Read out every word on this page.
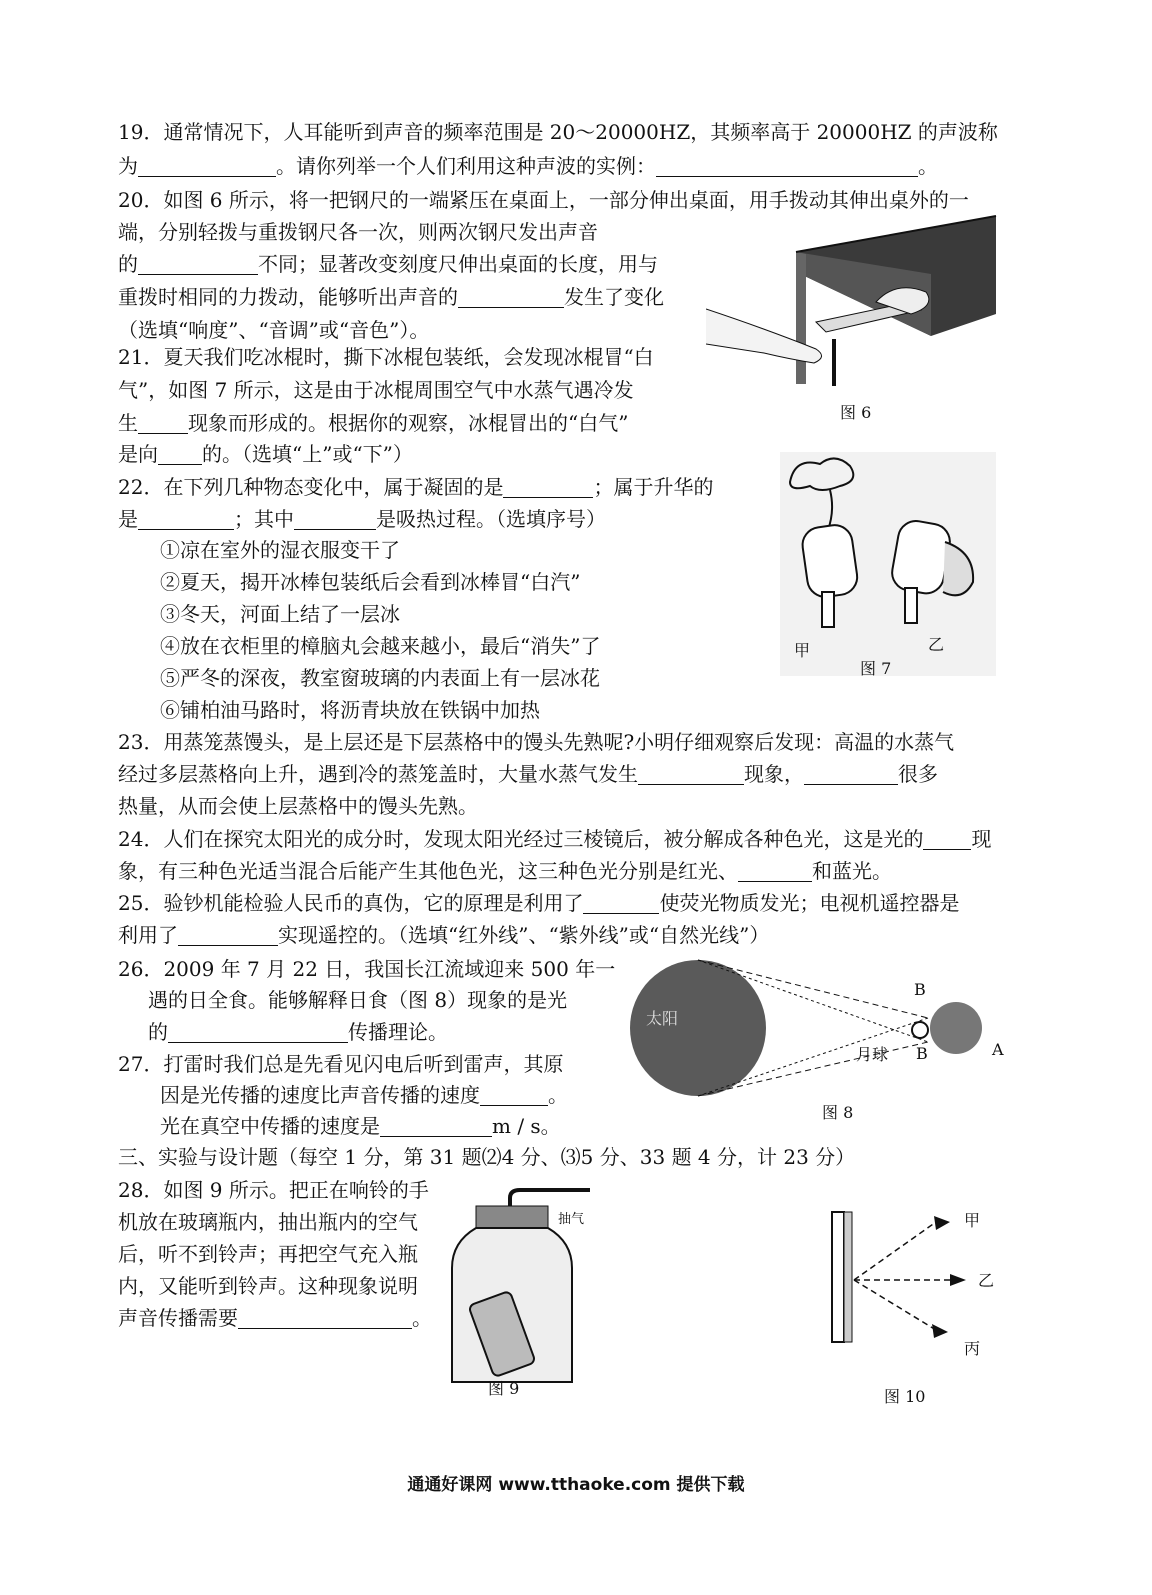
19．通常情况下，人耳能听到声音的频率范围是 20～20000HZ，其频率高于 20000HZ 的声波称
为	。请你列举一个人们利用这种声波的实例：	。
20．如图 6 所示，将一把钢尺的一端紧压在桌面上，一部分伸出桌面，用手拨动其伸出桌外的一
端，分别轻拨与重拨钢尺各一次，则两次钢尺发出声音
的	不同；显著改变刻度尺伸出桌面的长度，用与
重拨时相同的力拨动，能够听出声音的	发生了变化
（选填“响度”、“音调”或“音色”）。
图 6
21．夏天我们吃冰棍时，撕下冰棍包装纸，会发现冰棍冒“白
气”，如图 7 所示，这是由于冰棍周围空气中水蒸气遇冷发
生	现象而形成的。根据你的观察，冰棍冒出的“白气”
是向 的。（选填“上”或“下”）
22．在下列几种物态变化中，属于凝固的是	；属于升华的
是	；其中	是吸热过程。（选填序号）
①凉在室外的湿衣服变干了
②夏天，揭开冰棒包装纸后会看到冰棒冒“白汽”
③冬天，河面上结了一层冰
④放在衣柜里的樟脑丸会越来越小，最后“消失”了
⑤严冬的深夜，教室窗玻璃的内表面上有一层冰花
⑥铺柏油马路时，将沥青块放在铁锅中加热
甲	乙
图 7
23．用蒸笼蒸馒头，是上层还是下层蒸格中的馒头先熟呢?小明仔细观察后发现：高温的水蒸气
经过多层蒸格向上升，遇到冷的蒸笼盖时，大量水蒸气发生	现象，	很多
热量，从而会使上层蒸格中的馒头先熟。
24．人们在探究太阳光的成分时，发现太阳光经过三棱镜后，被分解成各种色光，这是光的 现
象，有三种色光适当混合后能产生其他色光，这三种色光分别是红光、	和蓝光。
25．验钞机能检验人民币的真伪，它的原理是利用了	使荧光物质发光；电视机遥控器是
利用了	实现遥控的。（选填“红外线”、“紫外线”或“自然光线”）
26．2009 年 7 月 22 日，我国长江流域迎来 500 年一
遇的日全食。能够解释日食（图 8）现象的是光
的	传播理论。
太阳
B
月球 B	A
图 8
27．打雷时我们总是先看见闪电后听到雷声，其原
因是光传播的速度比声音传播的速度	。
光在真空中传播的速度是	m / s。
三、实验与设计题（每空 1 分，第 31 题⑵4 分、⑶5 分、33 题 4 分，计 23 分）
28．如图 9 所示。把正在响铃的手
机放在玻璃瓶内，抽出瓶内的空气
后，听不到铃声；再把空气充入瓶
内，又能听到铃声。这种现象说明
声音传播需要	。
抽气
图 9
甲
乙
丙
图 10
通通好课网 www.tthaoke.com 提供下载
